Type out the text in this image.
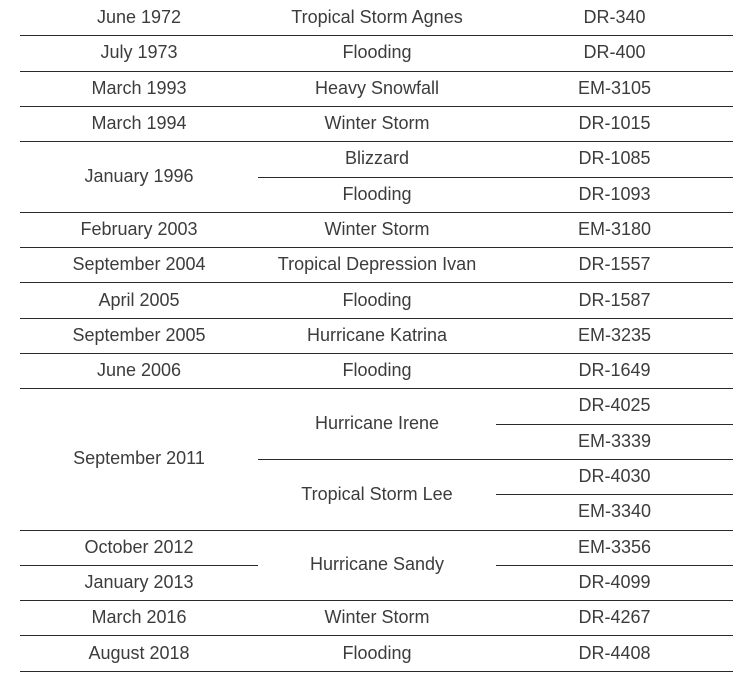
June 1972
July 1973
March 1993
March 1994
January 1996
February 2003
September 2004
April 2005
September 2005
June 2006
September 2011
October 2012
January 2013
March 2016
August 2018
Tropical Storm Agnes
Flooding
Heavy Snowfall
Winter Storm
Blizzard
Flooding
Winter Storm
Tropical Depression Ivan
Flooding
Hurricane Katrina
Flooding
Hurricane Irene
Tropical Storm Lee
Hurricane Sandy
Winter Storm
Flooding
DR-340
DR-400
EM-3105
DR-1015
DR-1085
DR-1093
EM-3180
DR-1557
DR-1587
EM-3235
DR-1649
DR-4025
EM-3339
DR-4030
EM-3340
EM-3356
DR-4099
DR-4267
DR-4408
